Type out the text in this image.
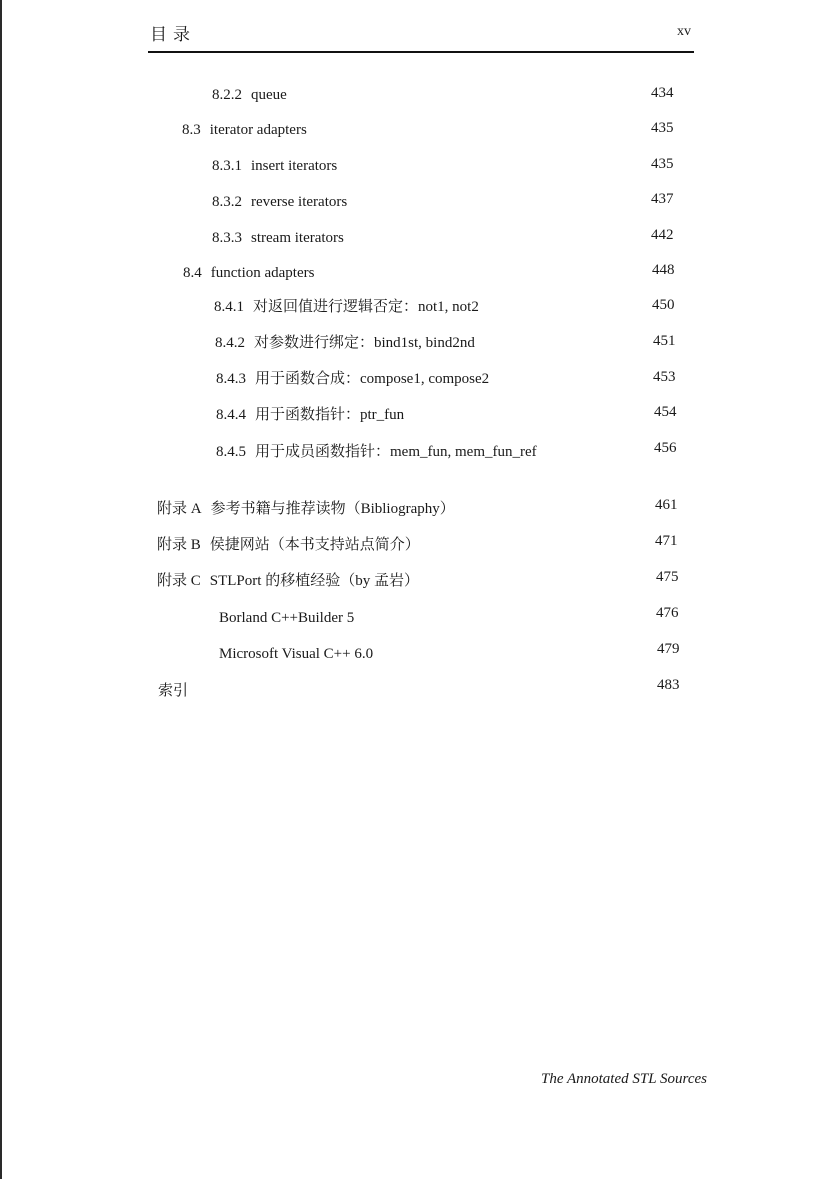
目录	xv
8.2.2 queue	434
8.3 iterator adapters	435
8.3.1 insert iterators	435
8.3.2 reverse iterators	437
8.3.3 stream iterators	442
8.4 function adapters	448
8.4.1 对返回值进行逻辑否定：not1, not2	450
8.4.2 对参数进行绑定：bind1st, bind2nd	451
8.4.3 用于函数合成：compose1, compose2	453
8.4.4 用于函数指针：ptr_fun	454
8.4.5 用于成员函数指针：mem_fun, mem_fun_ref	456
附录 A 参考书籍与推荐读物（Bibliography）	461
附录 B 侯捷网站（本书支持站点简介）	471
附录 C STLPort 的移植经验（by 孟岩）	475
Borland C++Builder 5	476
Microsoft Visual C++ 6.0	479
索引	483
The Annotated STL Sources
